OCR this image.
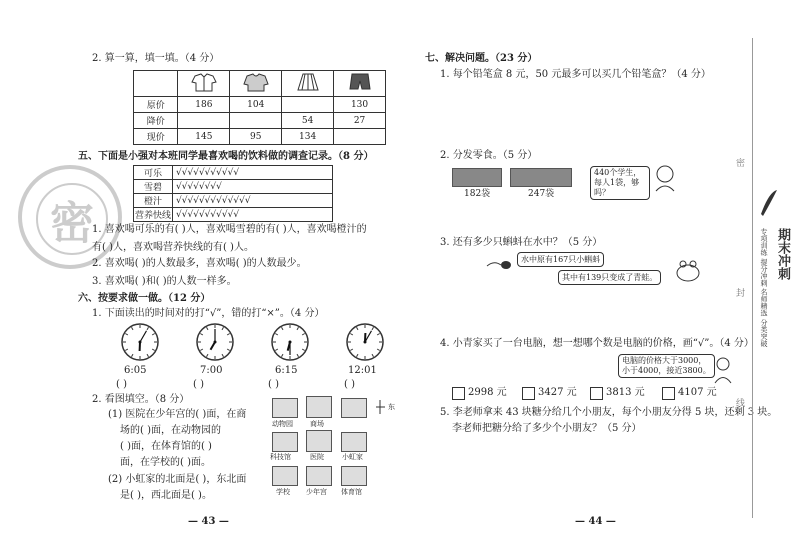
密
2. 算一算，填一填。（4 分）

原价	186	104		130
降价			54	27
现价	145	95	134	
五、下面是小强对本班同学最喜欢喝的饮料做的调查记录。（8 分）
可乐	√√√√√√√√√√√
雪碧	√√√√√√√√
橙汁	√√√√√√√√√√√√√
营养快线	√√√√√√√√√√√
1. 喜欢喝可乐的有( )人，喜欢喝雪碧的有( )人，喜欢喝橙汁的
有( )人，喜欢喝营养快线的有( )人。
2. 喜欢喝( )的人数最多，喜欢喝( )的人数最少。
3. 喜欢喝( )和( )的人数一样多。
六、按要求做一做。（12 分）
1. 下面读出的时间对的打“√”，错的打“×”。（4 分）
6:05	7:00	6:15	12:01
( )	( )	( )	( )
2. 看图填空。（8 分）
(1) 医院在少年宫的( )面，在商
场的( )面，在动物园的
( )面，在体育馆的( )
面，在学校的( )面。
(2) 小虹家的北面是( )，东北面
是( )，西北面是( )。
动物园 商场
科技馆	医院	小虹家
学校 少年宫 体育馆
东
— 43 —
七、解决问题。（23 分）
1. 每个铅笔盒 8 元，50 元最多可以买几个铅笔盒？（4 分）
2. 分发零食。（5 分）
182袋	247袋
440个学生，每人1袋，够吗？
3. 还有多少只蝌蚪在水中？（5 分）
水中原有167只小蝌蚪
其中有139只变成了青蛙。
4. 小青家买了一台电脑，想一想哪个数是电脑的价格，画“√”。（4 分）
电脑的价格大于3000，
小于4000，接近3800。
2998 元	3427 元	3813 元	4107 元
5. 李老师拿来 43 块糖分给几个小朋友，每个小朋友分得 5 块，还剩 3 块。
李老师把糖分给了多少个小朋友？（5 分）
— 44 —
密
封
线
期末冲刺
专项训练 提分冲刺 名师精选 分类突破
